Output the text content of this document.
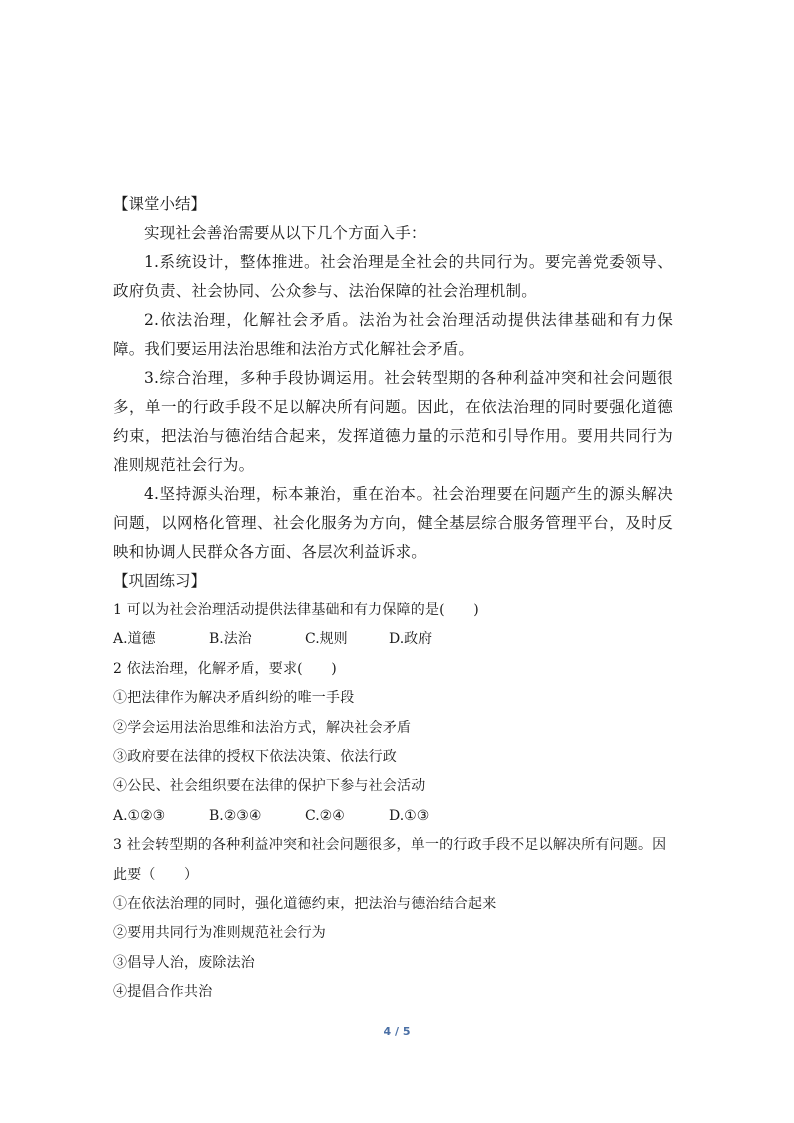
【课堂小结】

实现社会善治需要从以下几个方面入手：

1.系统设计，整体推进。社会治理是全社会的共同行为。要完善党委领导、政府负责、社会协同、公众参与、法治保障的社会治理机制。

2.依法治理，化解社会矛盾。法治为社会治理活动提供法律基础和有力保障。我们要运用法治思维和法治方式化解社会矛盾。

3.综合治理，多种手段协调运用。社会转型期的各种利益冲突和社会问题很多，单一的行政手段不足以解决所有问题。因此，在依法治理的同时要强化道德约束，把法治与德治结合起来，发挥道德力量的示范和引导作用。要用共同行为准则规范社会行为。

4.坚持源头治理，标本兼治，重在治本。社会治理要在问题产生的源头解决问题，以网格化管理、社会化服务为方向，健全基层综合服务管理平台，及时反映和协调人民群众各方面、各层次利益诉求。

【巩固练习】

1 可以为社会治理活动提供法律基础和有力保障的是(　　)

A.道德	B.法治	C.规则	D.政府

2 依法治理，化解矛盾，要求(　　)

①把法律作为解决矛盾纠纷的唯一手段

②学会运用法治思维和法治方式，解决社会矛盾

③政府要在法律的授权下依法决策、依法行政

④公民、社会组织要在法律的保护下参与社会活动

A.①②③	B.②③④	C.②④	D.①③

3 社会转型期的各种利益冲突和社会问题很多，单一的行政手段不足以解决所有问题。因此要（　　）

①在依法治理的同时，强化道德约束，把法治与德治结合起来

②要用共同行为准则规范社会行为

③倡导人治，废除法治

④提倡合作共治

4 / 5
